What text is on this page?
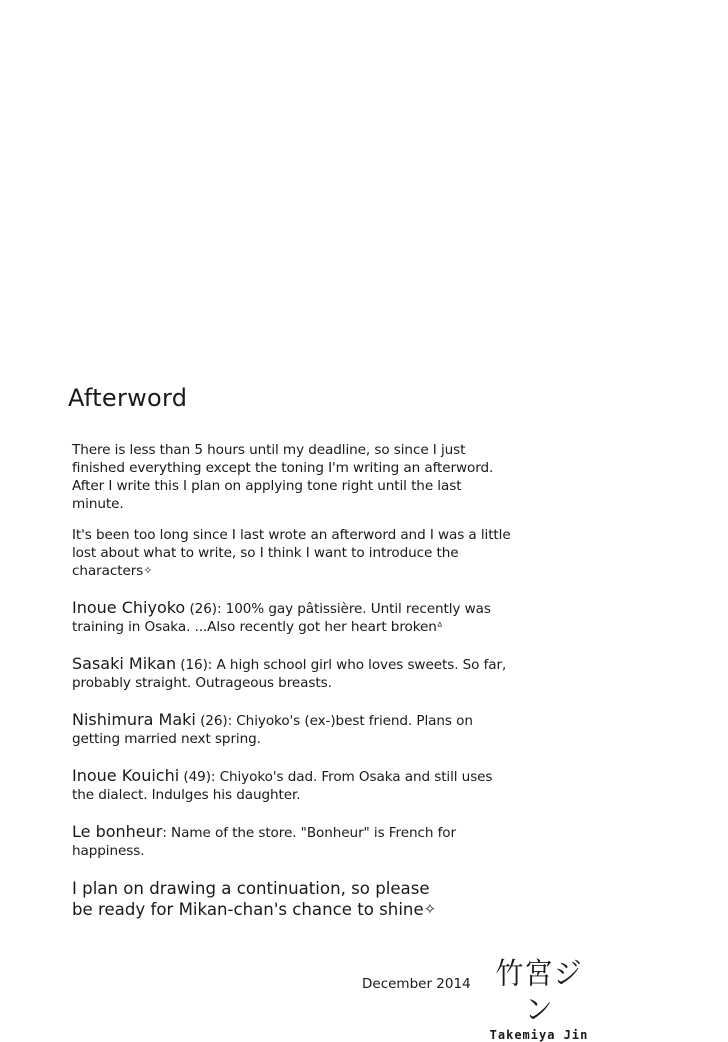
Afterword

There is less than 5 hours until my deadline, so since I just finished everything except the toning I'm writing an afterword. After I write this I plan on applying tone right until the last minute.

It's been too long since I last wrote an afterword and I was a little lost about what to write, so I think I want to introduce the characters✧

Inoue Chiyoko (26): 100% gay pâtissière. Until recently was training in Osaka. ...Also recently got her heart brokenᐞ

Sasaki Mikan (16): A high school girl who loves sweets. So far, probably straight. Outrageous breasts.

Nishimura Maki (26): Chiyoko's (ex-)best friend. Plans on getting married next spring.

Inoue Kouichi (49): Chiyoko's dad. From Osaka and still uses the dialect. Indulges his daughter.

Le bonheur: Name of the store. "Bonheur" is French for happiness.

I plan on drawing a continuation, so please be ready for Mikan-chan's chance to shine✧

December 2014 竹宮ジン
Takemiya Jin
